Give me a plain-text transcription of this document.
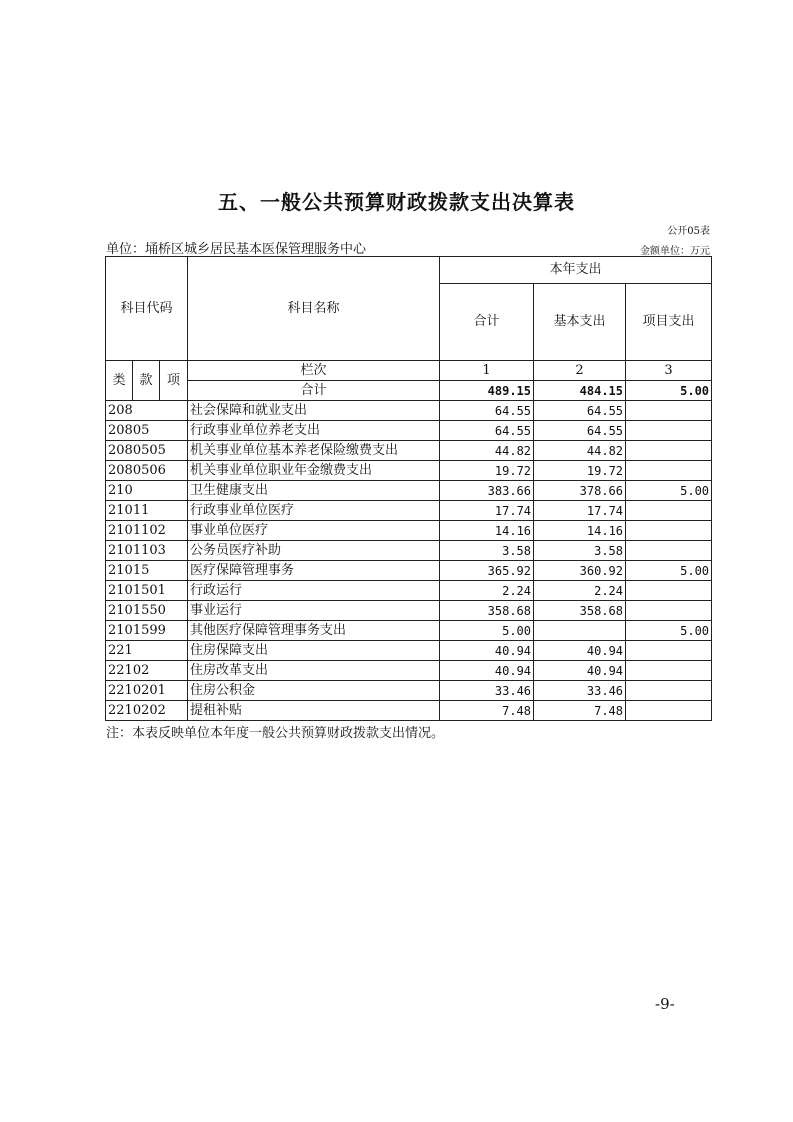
五、一般公共预算财政拨款支出决算表
公开05表
单位：埇桥区城乡居民基本医保管理服务中心	金额单位：万元
科目代码			科目名称	本年支出		
				合计	基本支出	项目支出
类	款	项	栏次	1	2	3
			合计	489.15	484.15	5.00
208			社会保障和就业支出	64.55	64.55	
20805			行政事业单位养老支出	64.55	64.55	
2080505			机关事业单位基本养老保险缴费支出	44.82	44.82	
2080506			机关事业单位职业年金缴费支出	19.72	19.72	
210			卫生健康支出	383.66	378.66	5.00
21011			行政事业单位医疗	17.74	17.74	
2101102			事业单位医疗	14.16	14.16	
2101103			公务员医疗补助	3.58	3.58	
21015			医疗保障管理事务	365.92	360.92	5.00
2101501			行政运行	2.24	2.24	
2101550			事业运行	358.68	358.68	
2101599			其他医疗保障管理事务支出	5.00		5.00
221			住房保障支出	40.94	40.94	
22102			住房改革支出	40.94	40.94	
2210201			住房公积金	33.46	33.46	
2210202			提租补贴	7.48	7.48	
注：本表反映单位本年度一般公共预算财政拨款支出情况。
-9-
